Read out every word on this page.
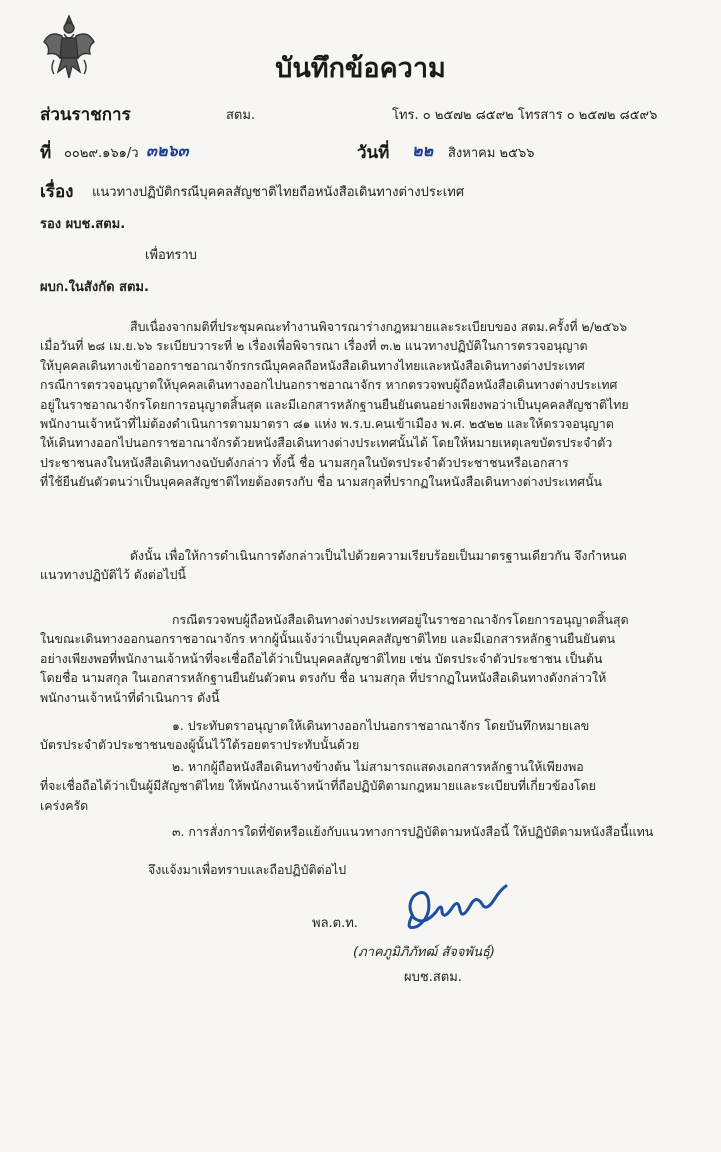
บันทึกข้อความ
ส่วนราชการ	สตม.	โทร. ๐ ๒๕๗๒ ๘๕๙๒ โทรสาร ๐ ๒๕๗๒ ๘๕๙๖
ที่ ๐๐๒๙.๑๖๑/ว ๓๒๖๓	วันที่ ๒๒ สิงหาคม ๒๕๖๖
เรื่อง แนวทางปฏิบัติกรณีบุคคลสัญชาติไทยถือหนังสือเดินทางต่างประเทศ
รอง ผบช.สตม.
เพื่อทราบ
ผบก.ในสังกัด สตม.
สืบเนื่องจากมติที่ประชุมคณะทำงานพิจารณาร่างกฎหมายและระเบียบของ สตม.ครั้งที่ ๒/๒๕๖๖
เมื่อวันที่ ๒๘ เม.ย.๖๖ ระเบียบวาระที่ ๒ เรื่องเพื่อพิจารณา เรื่องที่ ๓.๒ แนวทางปฏิบัติในการตรวจอนุญาต
ให้บุคคลเดินทางเข้าออกราชอาณาจักรกรณีบุคคลถือหนังสือเดินทางไทยและหนังสือเดินทางต่างประเทศ
กรณีการตรวจอนุญาตให้บุคคลเดินทางออกไปนอกราชอาณาจักร หากตรวจพบผู้ถือหนังสือเดินทางต่างประเทศ
อยู่ในราชอาณาจักรโดยการอนุญาตสิ้นสุด และมีเอกสารหลักฐานยืนยันตนอย่างเพียงพอว่าเป็นบุคคลสัญชาติไทย
พนักงานเจ้าหน้าที่ไม่ต้องดำเนินการตามมาตรา ๘๑ แห่ง พ.ร.บ.คนเข้าเมือง พ.ศ. ๒๕๒๒ และให้ตรวจอนุญาต
ให้เดินทางออกไปนอกราชอาณาจักรด้วยหนังสือเดินทางต่างประเทศนั้นได้ โดยให้หมายเหตุเลขบัตรประจำตัว
ประชาชนลงในหนังสือเดินทางฉบับดังกล่าว ทั้งนี้ ชื่อ นามสกุลในบัตรประจำตัวประชาชนหรือเอกสาร
ที่ใช้ยืนยันตัวตนว่าเป็นบุคคลสัญชาติไทยต้องตรงกับ ชื่อ นามสกุลที่ปรากฏในหนังสือเดินทางต่างประเทศนั้น
ดังนั้น เพื่อให้การดำเนินการดังกล่าวเป็นไปด้วยความเรียบร้อยเป็นมาตรฐานเดียวกัน จึงกำหนด
แนวทางปฏิบัติไว้ ดังต่อไปนี้
กรณีตรวจพบผู้ถือหนังสือเดินทางต่างประเทศอยู่ในราชอาณาจักรโดยการอนุญาตสิ้นสุด
ในขณะเดินทางออกนอกราชอาณาจักร หากผู้นั้นแจ้งว่าเป็นบุคคลสัญชาติไทย และมีเอกสารหลักฐานยืนยันตน
อย่างเพียงพอที่พนักงานเจ้าหน้าที่จะเชื่อถือได้ว่าเป็นบุคคลสัญชาติไทย เช่น บัตรประจำตัวประชาชน เป็นต้น
โดยชื่อ นามสกุล ในเอกสารหลักฐานยืนยันตัวตน ตรงกับ ชื่อ นามสกุล ที่ปรากฏในหนังสือเดินทางดังกล่าวให้
พนักงานเจ้าหน้าที่ดำเนินการ ดังนี้
๑. ประทับตราอนุญาตให้เดินทางออกไปนอกราชอาณาจักร โดยบันทึกหมายเลข
บัตรประจำตัวประชาชนของผู้นั้นไว้ใต้รอยตราประทับนั้นด้วย
๒. หากผู้ถือหนังสือเดินทางข้างต้น ไม่สามารถแสดงเอกสารหลักฐานให้เพียงพอ
ที่จะเชื่อถือได้ว่าเป็นผู้มีสัญชาติไทย ให้พนักงานเจ้าหน้าที่ถือปฏิบัติตามกฎหมายและระเบียบที่เกี่ยวข้องโดย
เคร่งครัด
๓. การสั่งการใดที่ขัดหรือแย้งกับแนวทางการปฏิบัติตามหนังสือนี้ ให้ปฏิบัติตามหนังสือนี้แทน
จึงแจ้งมาเพื่อทราบและถือปฏิบัติต่อไป
พล.ต.ท.
(ภาคภูมิภิภัทฒ์ สัจจพันธุ์)
ผบช.สตม.
